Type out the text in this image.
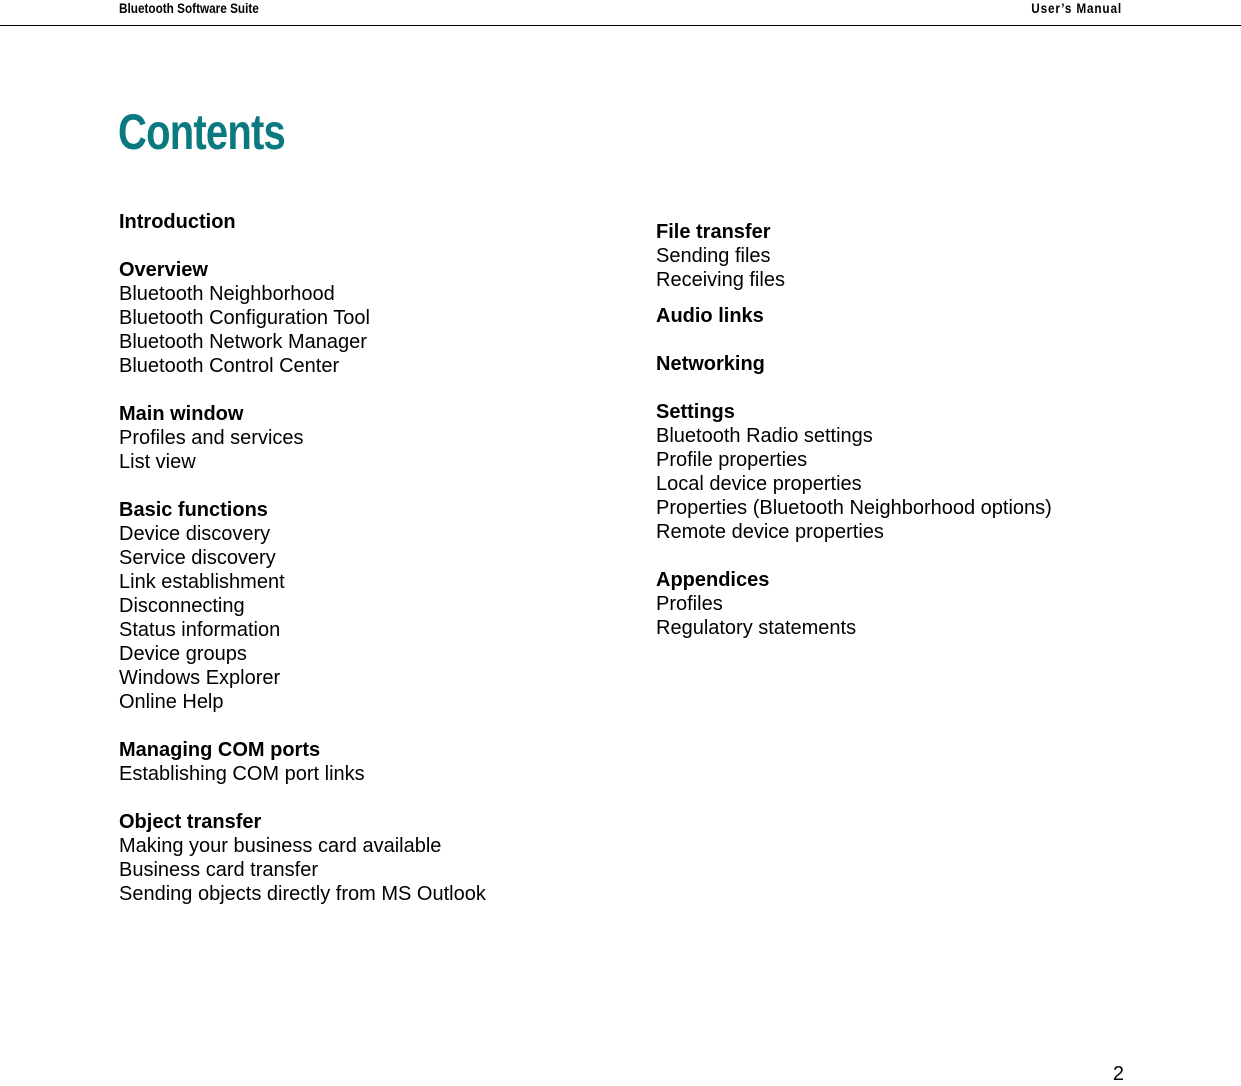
Bluetooth Software Suite	User’s Manual
Contents
Introduction
Overview
Bluetooth Neighborhood
Bluetooth Configuration Tool
Bluetooth Network Manager
Bluetooth Control Center
Main window
Profiles and services
List view
Basic functions
Device discovery
Service discovery
Link establishment
Disconnecting
Status information
Device groups
Windows Explorer
Online Help
Managing COM ports
Establishing COM port links
Object transfer
Making your business card available
Business card transfer
Sending objects directly from MS Outlook
File transfer
Sending files
Receiving files
Audio links
Networking
Settings
Bluetooth Radio settings
Profile properties
Local device properties
Properties (Bluetooth Neighborhood options)
Remote device properties
Appendices
Profiles
Regulatory statements
2
